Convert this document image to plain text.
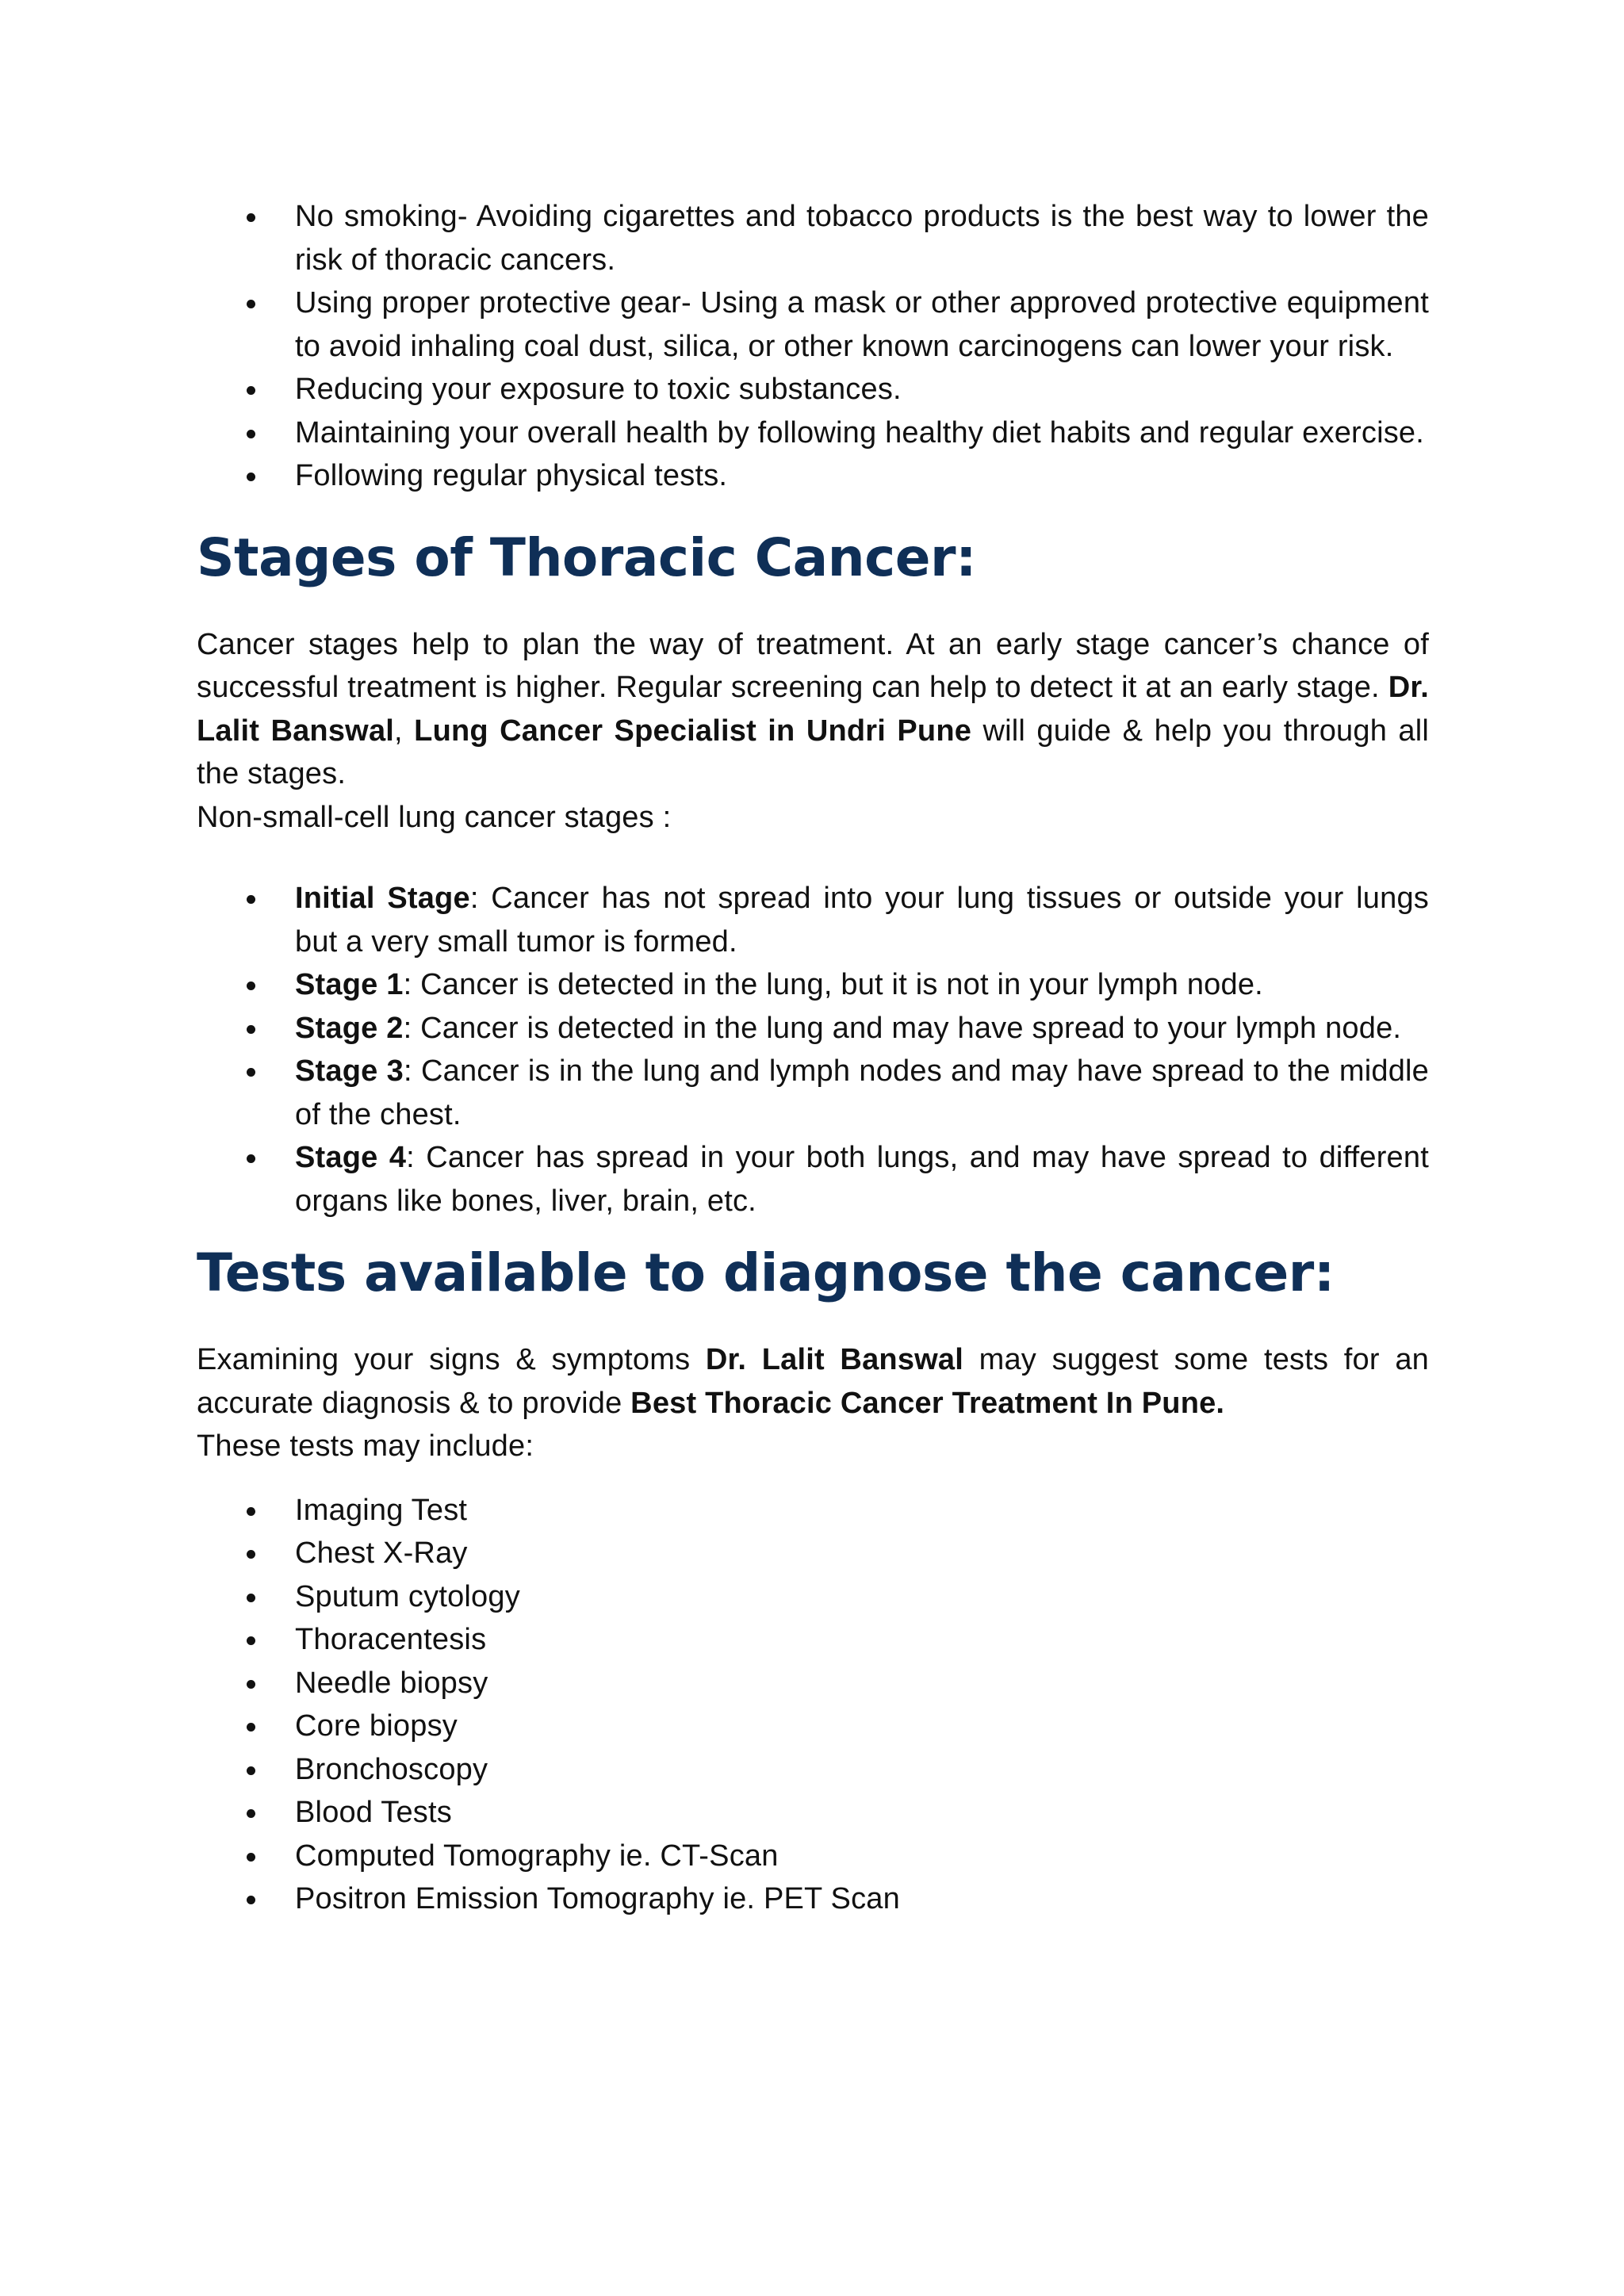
No smoking- Avoiding cigarettes and tobacco products is the best way to lower the risk of thoracic cancers.
Using proper protective gear- Using a mask or other approved protective equipment to avoid inhaling coal dust, silica, or other known carcinogens can lower your risk.
Reducing your exposure to toxic substances.
Maintaining your overall health by following healthy diet habits and regular exercise.
Following regular physical tests.
Stages of Thoracic Cancer:

Cancer stages help to plan the way of treatment. At an early stage cancer’s chance of successful treatment is higher. Regular screening can help to detect it at an early stage. Dr. Lalit Banswal, Lung Cancer Specialist in Undri Pune will guide & help you through all the stages.

Non-small-cell lung cancer stages :

Initial Stage: Cancer has not spread into your lung tissues or outside your lungs but a very small tumor is formed.
Stage 1: Cancer is detected in the lung, but it is not in your lymph node.
Stage 2: Cancer is detected in the lung and may have spread to your lymph node.
Stage 3: Cancer is in the lung and lymph nodes and may have spread to the middle of the chest.
Stage 4: Cancer has spread in your both lungs, and may have spread to different organs like bones, liver, brain, etc.
Tests available to diagnose the cancer:

Examining your signs & symptoms Dr. Lalit Banswal may suggest some tests for an accurate diagnosis & to provide Best Thoracic Cancer Treatment In Pune.

These tests may include:

Imaging Test
Chest X-Ray
Sputum cytology
Thoracentesis
Needle biopsy
Core biopsy
Bronchoscopy
Blood Tests
Computed Tomography ie. CT-Scan
Positron Emission Tomography ie. PET Scan
